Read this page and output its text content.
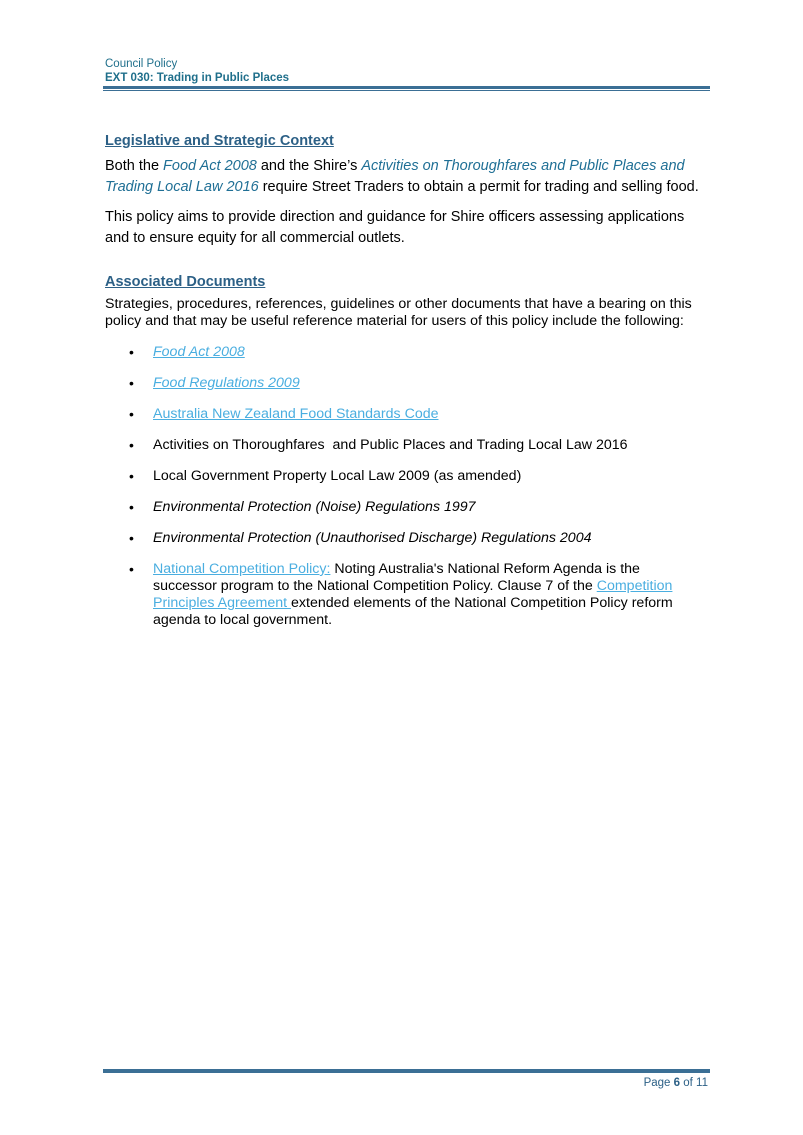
Council Policy
EXT 030: Trading in Public Places
Legislative and Strategic Context

Both the Food Act 2008 and the Shire’s Activities on Thoroughfares and Public Places and Trading Local Law 2016 require Street Traders to obtain a permit for trading and selling food.

This policy aims to provide direction and guidance for Shire officers assessing applications and to ensure equity for all commercial outlets.

Associated Documents

Strategies, procedures, references, guidelines or other documents that have a bearing on this policy and that may be useful reference material for users of this policy include the following:

• Food Act 2008
• Food Regulations 2009
• Australia New Zealand Food Standards Code
• Activities on Thoroughfares  and Public Places and Trading Local Law 2016
• Local Government Property Local Law 2009 (as amended)
• Environmental Protection (Noise) Regulations 1997
• Environmental Protection (Unauthorised Discharge) Regulations 2004
• National Competition Policy: Noting Australia's National Reform Agenda is the successor program to the National Competition Policy. Clause 7 of the Competition Principles Agreement extended elements of the National Competition Policy reform agenda to local government.
Page 6 of 11
